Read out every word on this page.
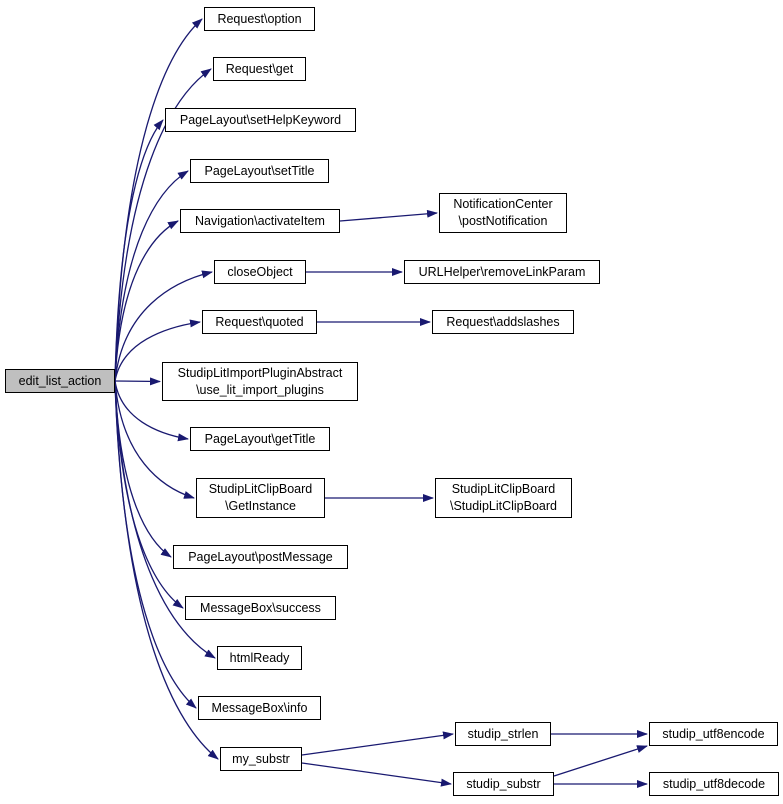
edit_list_action
Request\option
Request\get
PageLayout\setHelpKeyword
PageLayout\setTitle
Navigation\activateItem
closeObject
Request\quoted
StudipLitImportPluginAbstract
\use_lit_import_plugins
PageLayout\getTitle
StudipLitClipBoard
\GetInstance
PageLayout\postMessage
MessageBox\success
htmlReady
MessageBox\info
my_substr
NotificationCenter
\postNotification
URLHelper\removeLinkParam
Request\addslashes
StudipLitClipBoard
\StudipLitClipBoard
studip_strlen
studip_substr
studip_utf8encode
studip_utf8decode
